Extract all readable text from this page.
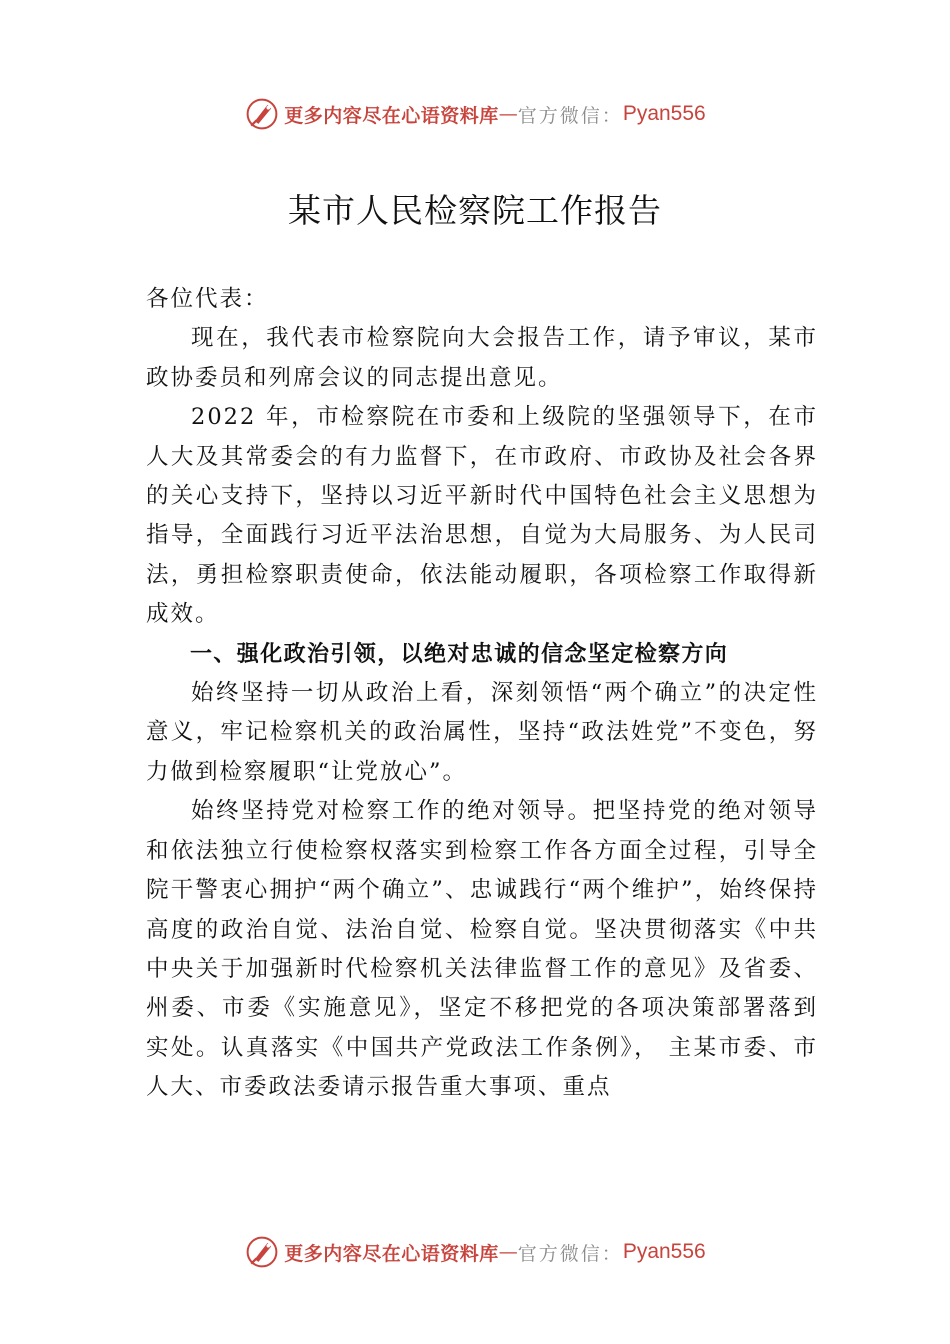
更多内容尽在心语资料库 — 官方微信： Pyan556
某市人民检察院工作报告

各位代表：

现在，我代表市检察院向大会报告工作，请予审议，某市政协委员和列席会议的同志提出意见。

2022 年，市检察院在市委和上级院的坚强领导下，在市人大及其常委会的有力监督下，在市政府、市政协及社会各界的关心支持下，坚持以习近平新时代中国特色社会主义思想为指导，全面践行习近平法治思想，自觉为大局服务、为人民司法，勇担检察职责使命，依法能动履职，各项检察工作取得新成效。

一、强化政治引领，以绝对忠诚的信念坚定检察方向

始终坚持一切从政治上看，深刻领悟“两个确立”的决定性意义，牢记检察机关的政治属性，坚持“政法姓党”不变色，努力做到检察履职“让党放心”。

始终坚持党对检察工作的绝对领导。把坚持党的绝对领导和依法独立行使检察权落实到检察工作各方面全过程，引导全院干警衷心拥护“两个确立”、忠诚践行“两个维护”，始终保持高度的政治自觉、法治自觉、检察自觉。坚决贯彻落实《中共中央关于加强新时代检察机关法律监督工作的意见》及省委、州委、市委《实施意见》，坚定不移把党的各项决策部署落到实处。认真落实《中国共产党政法工作条例》， 主某市委、市人大、市委政法委请示报告重大事项、重点

更多内容尽在心语资料库 — 官方微信： Pyan556
